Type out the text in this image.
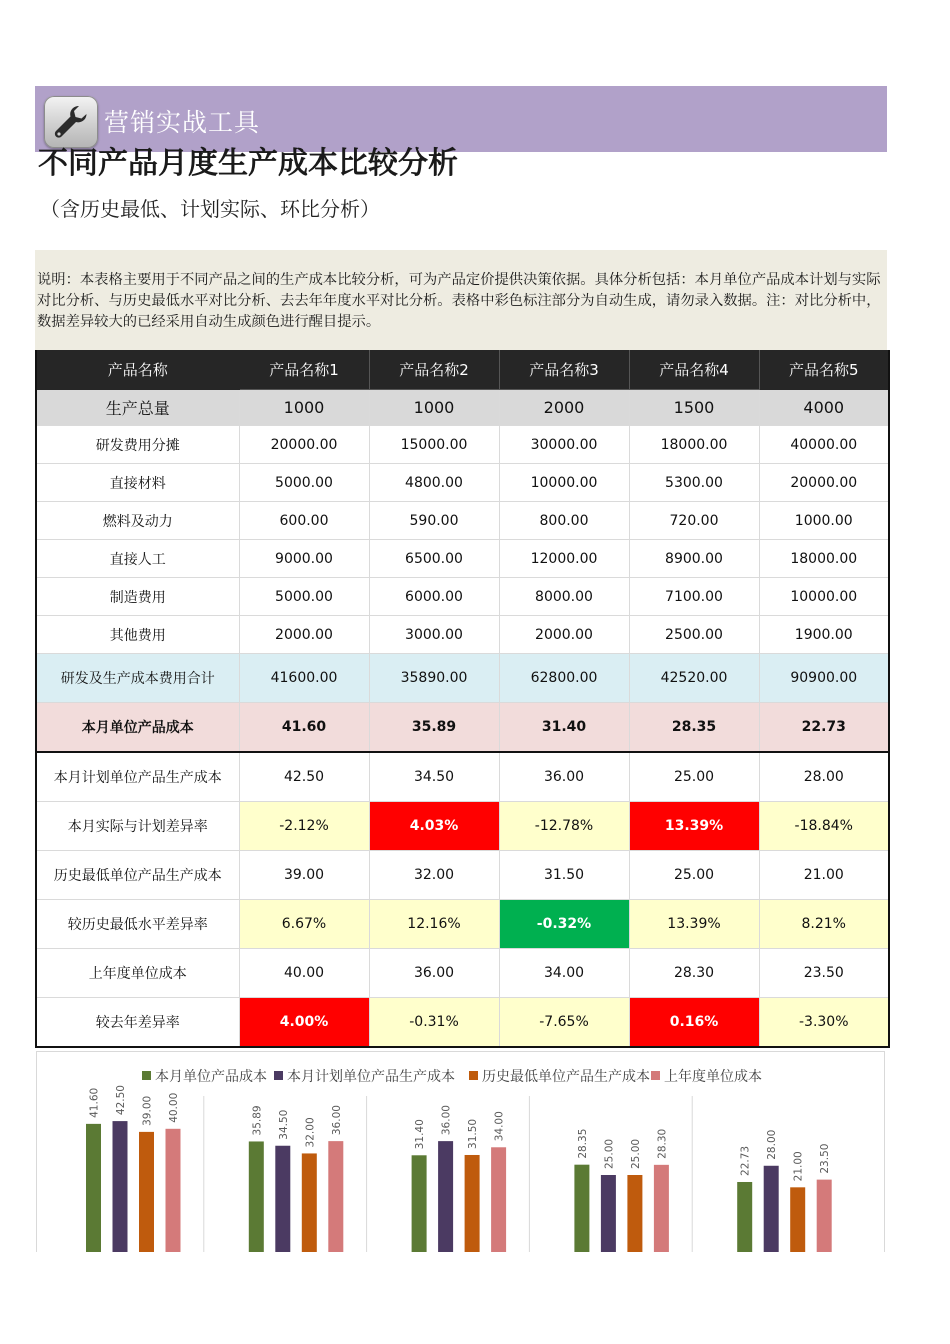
营销实战工具
不同产品月度生产成本比较分析
（含历史最低、计划实际、环比分析）
说明：本表格主要用于不同产品之间的生产成本比较分析，可为产品定价提供决策依据。具体分析包括：本月单位产品成本计划与实际对比分析、与历史最低水平对比分析、去去年年度水平对比分析。表格中彩色标注部分为自动生成，请勿录入数据。注：对比分析中，数据差异较大的已经采用自动生成颜色进行醒目提示。
产品名称	产品名称1	产品名称2	产品名称3	产品名称4	产品名称5
生产总量	1000	1000	2000	1500	4000
研发费用分摊	20000.00	15000.00	30000.00	18000.00	40000.00
直接材料	5000.00	4800.00	10000.00	5300.00	20000.00
燃料及动力	600.00	590.00	800.00	720.00	1000.00
直接人工	9000.00	6500.00	12000.00	8900.00	18000.00
制造费用	5000.00	6000.00	8000.00	7100.00	10000.00
其他费用	2000.00	3000.00	2000.00	2500.00	1900.00
研发及生产成本费用合计	41600.00	35890.00	62800.00	42520.00	90900.00
本月单位产品成本	41.60	35.89	31.40	28.35	22.73
本月计划单位产品生产成本	42.50	34.50	36.00	25.00	28.00
本月实际与计划差异率	-2.12%	4.03%	-12.78%	13.39%	-18.84%
历史最低单位产品生产成本	39.00	32.00	31.50	25.00	21.00
较历史最低水平差异率	6.67%	12.16%	-0.32%	13.39%	8.21%
上年度单位成本	40.00	36.00	34.00	28.30	23.50
较去年差异率	4.00%	-0.31%	-7.65%	0.16%	-3.30%
本月单位产品成本 本月计划单位产品生产成本 历史最低单位产品生产成本 上年度单位成本
41.60 42.50 39.00 40.00	35.89 34.50 32.00 36.00	31.40 36.00 31.50 34.00
28.35 25.00 25.00 28.30
22.73
28.00
21.00 23.50
